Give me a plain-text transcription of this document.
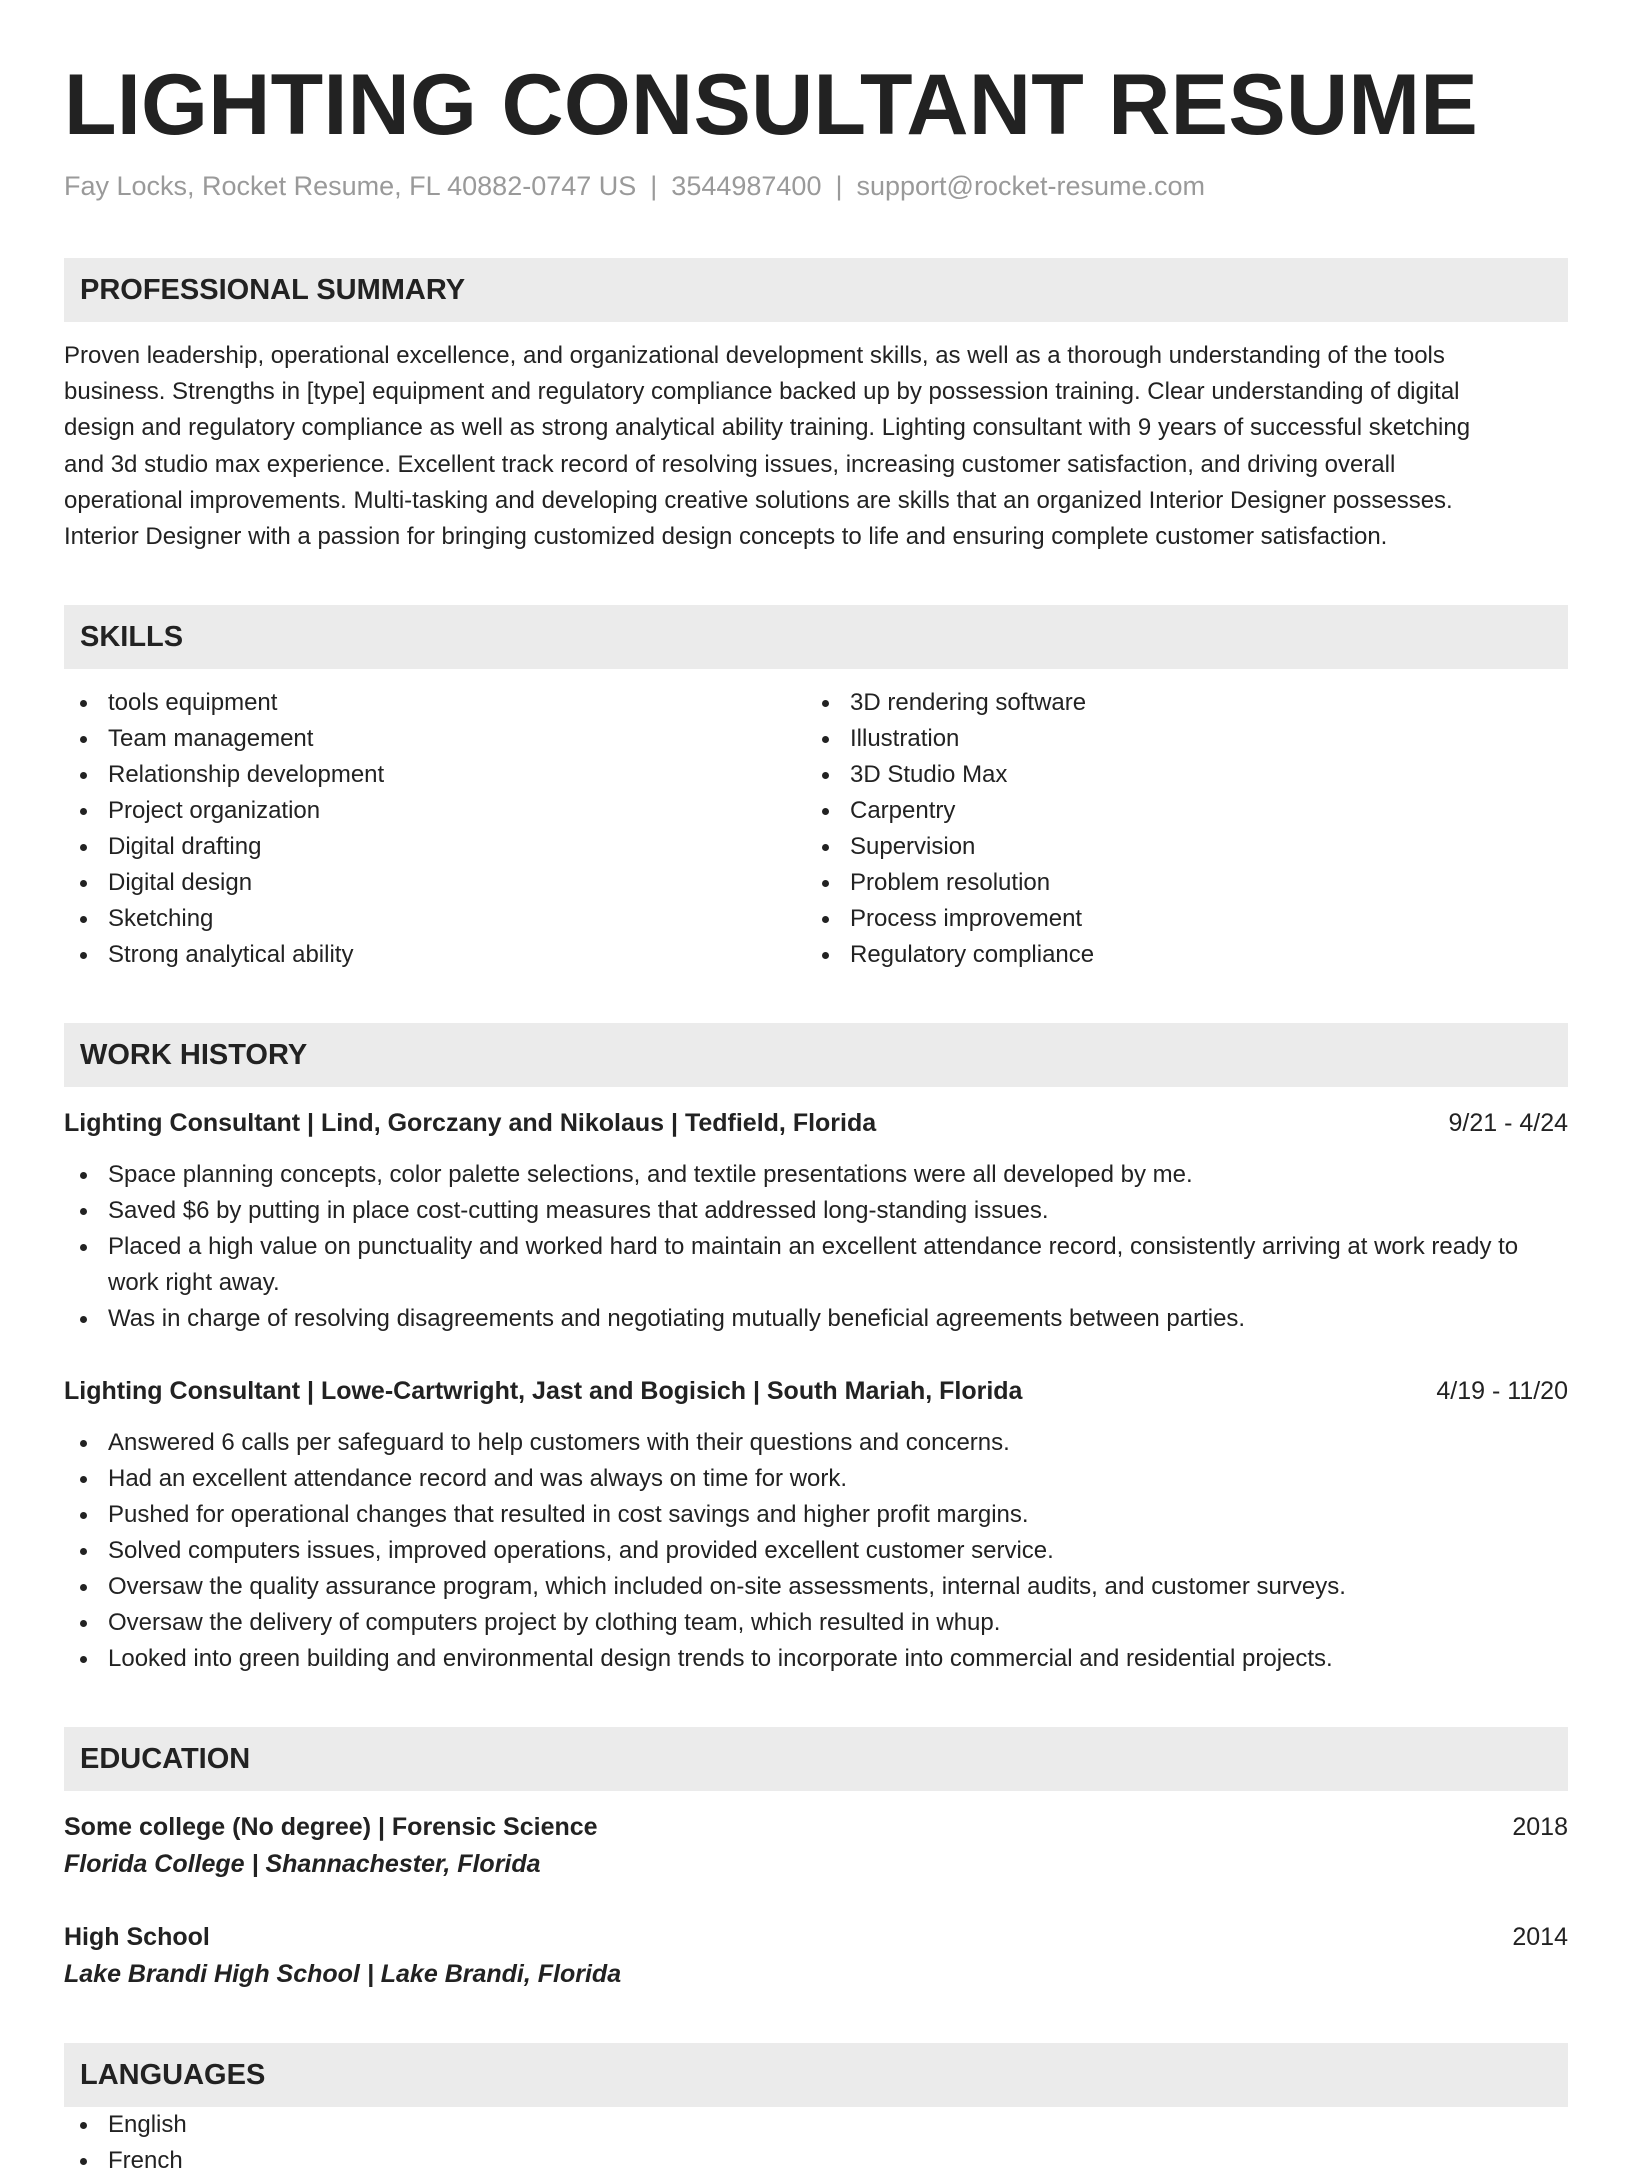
LIGHTING CONSULTANT RESUME
Fay Locks, Rocket Resume, FL 40882-0747 US | 3544987400 | support@rocket-resume.com
PROFESSIONAL SUMMARY
Proven leadership, operational excellence, and organizational development skills, as well as a thorough understanding of the tools
business. Strengths in [type] equipment and regulatory compliance backed up by possession training. Clear understanding of digital
design and regulatory compliance as well as strong analytical ability training. Lighting consultant with 9 years of successful sketching
and 3d studio max experience. Excellent track record of resolving issues, increasing customer satisfaction, and driving overall
operational improvements. Multi-tasking and developing creative solutions are skills that an organized Interior Designer possesses.
Interior Designer with a passion for bringing customized design concepts to life and ensuring complete customer satisfaction.
SKILLS
tools equipment
Team management
Relationship development
Project organization
Digital drafting
Digital design
Sketching
Strong analytical ability
3D rendering software
Illustration
3D Studio Max
Carpentry
Supervision
Problem resolution
Process improvement
Regulatory compliance
WORK HISTORY
Lighting Consultant | Lind, Gorczany and Nikolaus | Tedfield, Florida	9/21 - 4/24
Space planning concepts, color palette selections, and textile presentations were all developed by me.
Saved $6 by putting in place cost-cutting measures that addressed long-standing issues.
Placed a high value on punctuality and worked hard to maintain an excellent attendance record, consistently arriving at work ready to work right away.
Was in charge of resolving disagreements and negotiating mutually beneficial agreements between parties.
Lighting Consultant | Lowe-Cartwright, Jast and Bogisich | South Mariah, Florida	4/19 - 11/20
Answered 6 calls per safeguard to help customers with their questions and concerns.
Had an excellent attendance record and was always on time for work.
Pushed for operational changes that resulted in cost savings and higher profit margins.
Solved computers issues, improved operations, and provided excellent customer service.
Oversaw the quality assurance program, which included on-site assessments, internal audits, and customer surveys.
Oversaw the delivery of computers project by clothing team, which resulted in whup.
Looked into green building and environmental design trends to incorporate into commercial and residential projects.
EDUCATION
Some college (No degree) | Forensic Science	2018
Florida College | Shannachester, Florida
High School	2014
Lake Brandi High School | Lake Brandi, Florida
LANGUAGES
English
French
